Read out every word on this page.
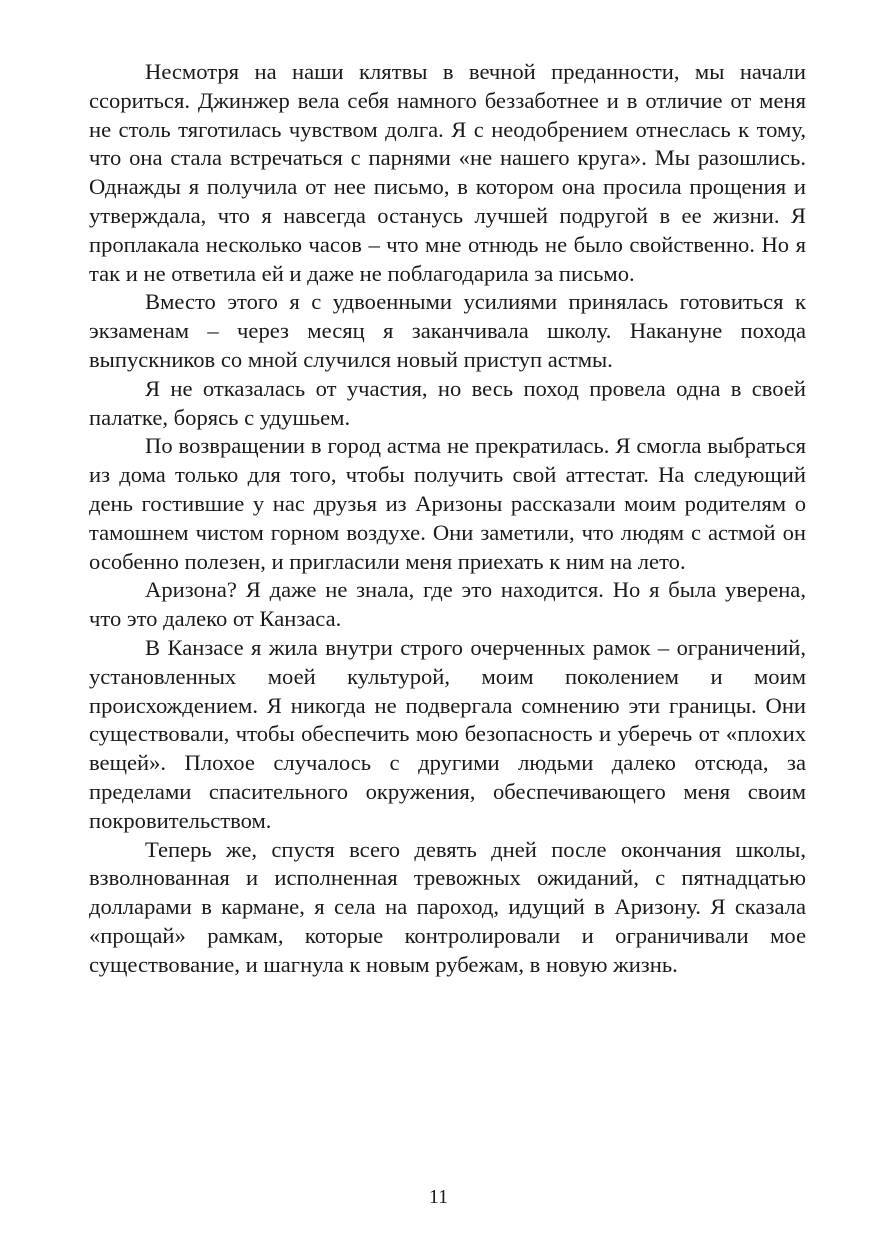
Несмотря на наши клятвы в вечной преданности, мы начали ссориться. Джинжер вела себя намного беззаботнее и в отличие от меня не столь тяготилась чувством долга. Я с неодобрением отнеслась к тому, что она стала встречаться с парнями «не нашего круга». Мы разошлись. Однажды я получила от нее письмо, в котором она просила прощения и утверждала, что я навсегда останусь лучшей подругой в ее жизни. Я проплакала несколько часов – что мне отнюдь не было свойственно. Но я так и не ответила ей и даже не поблагодарила за письмо.

Вместо этого я с удвоенными усилиями принялась готовиться к экзаменам – через месяц я заканчивала школу. Накануне похода выпускников со мной случился новый приступ астмы.

Я не отказалась от участия, но весь поход провела одна в своей палатке, борясь с удушьем.

По возвращении в город астма не прекратилась. Я смогла выбраться из дома только для того, чтобы получить свой аттестат. На следующий день гостившие у нас друзья из Аризоны рассказали моим родителям о тамошнем чистом горном воздухе. Они заметили, что людям с астмой он особенно полезен, и пригласили меня приехать к ним на лето.

Аризона? Я даже не знала, где это находится. Но я была уверена, что это далеко от Канзаса.

В Канзасе я жила внутри строго очерченных рамок – ограничений, установленных моей культурой, моим поколением и моим происхождением. Я никогда не подвергала сомнению эти границы. Они существовали, чтобы обеспечить мою безопасность и уберечь от «плохих вещей». Плохое случалось с другими людьми далеко отсюда, за пределами спасительного окружения, обеспечивающего меня своим покровительством.

Теперь же, спустя всего девять дней после окончания школы, взволнованная и исполненная тревожных ожиданий, с пятнадцатью долларами в кармане, я села на пароход, идущий в Аризону. Я сказала «прощай» рамкам, которые контролировали и ограничивали мое существование, и шагнула к новым рубежам, в новую жизнь.

11
